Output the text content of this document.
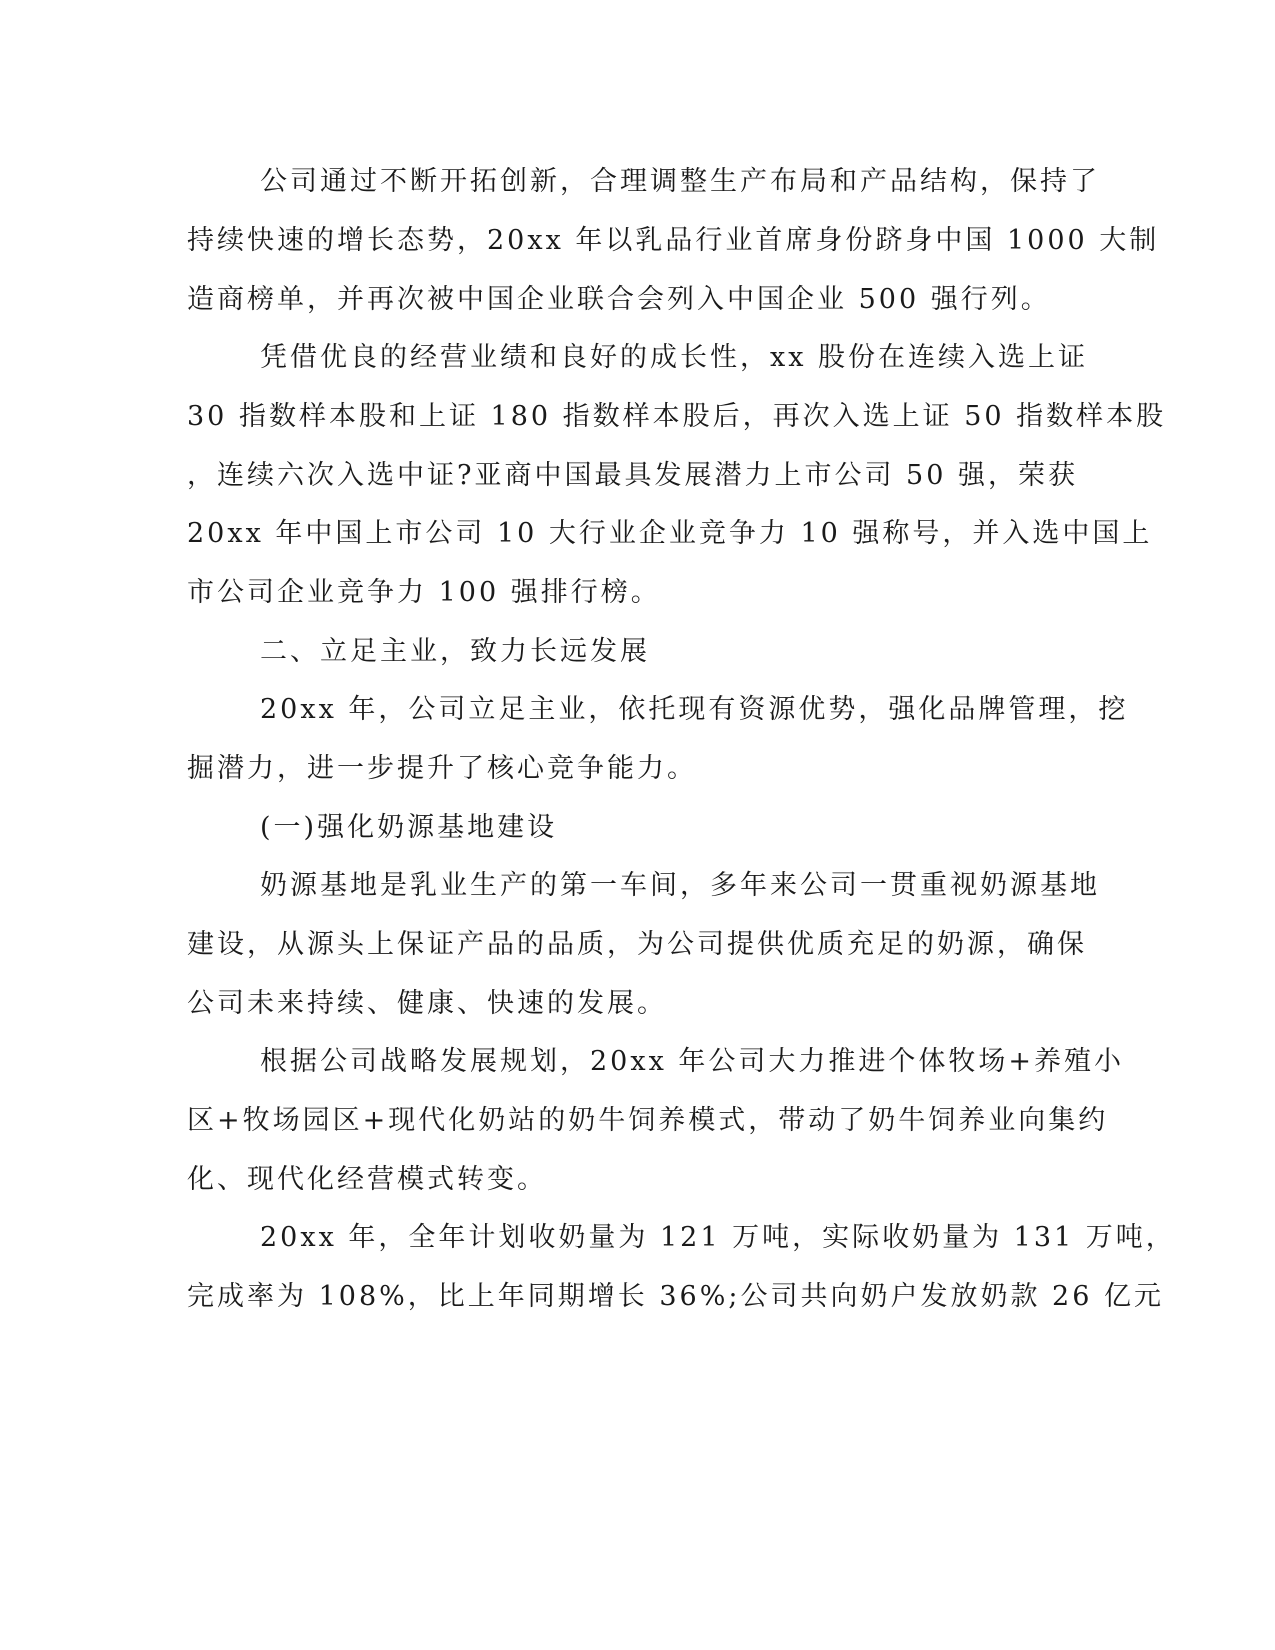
公司通过不断开拓创新，合理调整生产布局和产品结构，保持了
持续快速的增长态势，20xx 年以乳品行业首席身份跻身中国 1000 大制
造商榜单，并再次被中国企业联合会列入中国企业 500 强行列。
凭借优良的经营业绩和良好的成长性，xx 股份在连续入选上证
30 指数样本股和上证 180 指数样本股后，再次入选上证 50 指数样本股
，连续六次入选中证?亚商中国最具发展潜力上市公司 50 强，荣获
20xx 年中国上市公司 10 大行业企业竞争力 10 强称号，并入选中国上
市公司企业竞争力 100 强排行榜。
二、立足主业，致力长远发展
20xx 年，公司立足主业，依托现有资源优势，强化品牌管理，挖
掘潜力，进一步提升了核心竞争能力。
(一)强化奶源基地建设
奶源基地是乳业生产的第一车间，多年来公司一贯重视奶源基地
建设，从源头上保证产品的品质，为公司提供优质充足的奶源，确保
公司未来持续、健康、快速的发展。
根据公司战略发展规划，20xx 年公司大力推进个体牧场+养殖小
区+牧场园区+现代化奶站的奶牛饲养模式，带动了奶牛饲养业向集约
化、现代化经营模式转变。
20xx 年，全年计划收奶量为 121 万吨，实际收奶量为 131 万吨，
完成率为 108%，比上年同期增长 36%;公司共向奶户发放奶款 26 亿元
